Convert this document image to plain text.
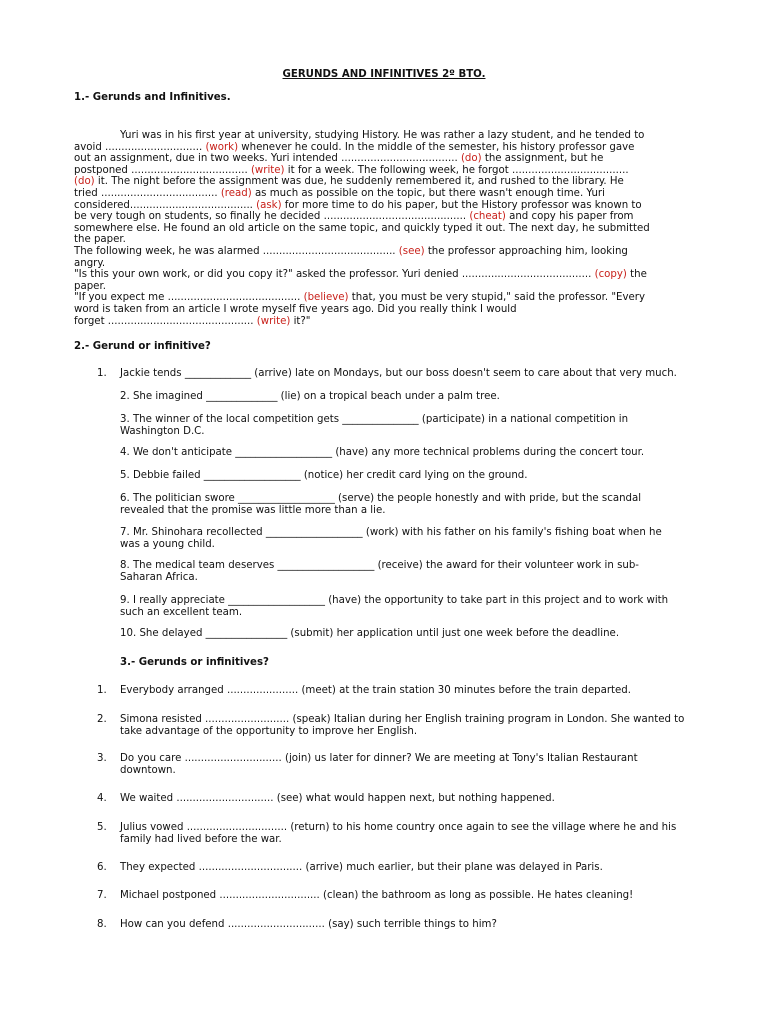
GERUNDS AND INFINITIVES 2º BTO.
1.- Gerunds and Infinitives.
Yuri was in his first year at university, studying History. He was rather a lazy student, and he tended to
avoid .............................. (work) whenever he could. In the middle of the semester, his history professor gave
out an assignment, due in two weeks. Yuri intended .................................... (do) the assignment, but he
postponed .................................... (write) it for a week. The following week, he forgot ....................................
(do) it. The night before the assignment was due, he suddenly remembered it, and rushed to the library. He
tried .................................... (read) as much as possible on the topic, but there wasn't enough time. Yuri
considered...................................... (ask) for more time to do his paper, but the History professor was known to
be very tough on students, so finally he decided ............................................ (cheat) and copy his paper from
somewhere else. He found an old article on the same topic, and quickly typed it out. The next day, he submitted
the paper.
The following week, he was alarmed ......................................... (see) the professor approaching him, looking
angry.
"Is this your own work, or did you copy it?" asked the professor. Yuri denied ........................................ (copy) the
paper.
"If you expect me ......................................... (believe) that, you must be very stupid," said the professor. "Every
word is taken from an article I wrote myself five years ago. Did you really think I would
forget ............................................. (write) it?"
2.- Gerund or infinitive?
1.	Jackie tends _____________ (arrive) late on Mondays, but our boss doesn't seem to care about that very much.
2. She imagined ______________ (lie) on a tropical beach under a palm tree.
3. The winner of the local competition gets _______________ (participate) in a national competition in
Washington D.C.
4. We don't anticipate ___________________ (have) any more technical problems during the concert tour.
5. Debbie failed ___________________ (notice) her credit card lying on the ground.
6. The politician swore ___________________ (serve) the people honestly and with pride, but the scandal
revealed that the promise was little more than a lie.
7. Mr. Shinohara recollected ___________________ (work) with his father on his family's fishing boat when he
was a young child.
8. The medical team deserves ___________________ (receive) the award for their volunteer work in sub-
Saharan Africa.
9. I really appreciate ___________________ (have) the opportunity to take part in this project and to work with
such an excellent team.
10. She delayed ________________ (submit) her application until just one week before the deadline.
3.- Gerunds or infinitives?
1.	Everybody arranged ...................... (meet) at the train station 30 minutes before the train departed.
2.	Simona resisted .......................... (speak) Italian during her English training program in London. She wanted to
take advantage of the opportunity to improve her English.
3.	Do you care .............................. (join) us later for dinner? We are meeting at Tony's Italian Restaurant
downtown.
4.	We waited .............................. (see) what would happen next, but nothing happened.
5.	Julius vowed ............................... (return) to his home country once again to see the village where he and his
family had lived before the war.
6.	They expected ................................ (arrive) much earlier, but their plane was delayed in Paris.
7.	Michael postponed ............................... (clean) the bathroom as long as possible. He hates cleaning!
8.	How can you defend .............................. (say) such terrible things to him?
